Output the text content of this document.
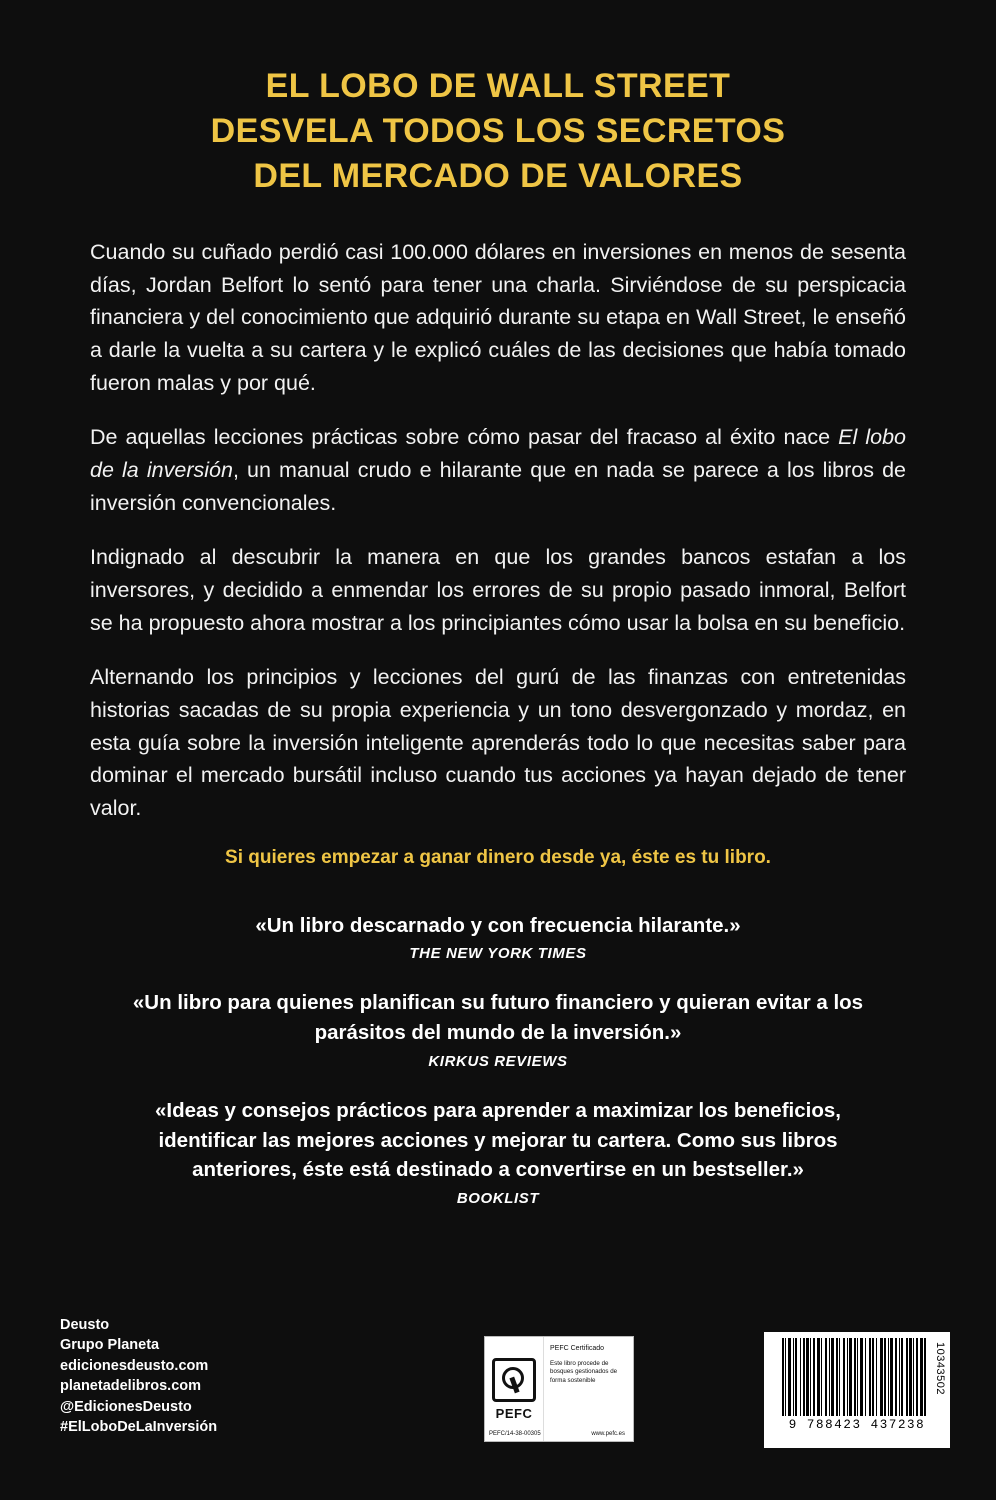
EL LOBO DE WALL STREET
DESVELA TODOS LOS SECRETOS
DEL MERCADO DE VALORES

Cuando su cuñado perdió casi 100.000 dólares en inversiones en menos de sesenta días, Jordan Belfort lo sentó para tener una charla. Sirviéndose de su perspicacia financiera y del conocimiento que adquirió durante su etapa en Wall Street, le enseñó a darle la vuelta a su cartera y le explicó cuáles de las decisiones que había tomado fueron malas y por qué.

De aquellas lecciones prácticas sobre cómo pasar del fracaso al éxito nace El lobo de la inversión, un manual crudo e hilarante que en nada se parece a los libros de inversión convencionales.

Indignado al descubrir la manera en que los grandes bancos estafan a los inversores, y decidido a enmendar los errores de su propio pasado inmoral, Belfort se ha propuesto ahora mostrar a los principiantes cómo usar la bolsa en su beneficio.

Alternando los principios y lecciones del gurú de las finanzas con entretenidas historias sacadas de su propia experiencia y un tono desvergonzado y mordaz, en esta guía sobre la inversión inteligente aprenderás todo lo que necesitas saber para dominar el mercado bursátil incluso cuando tus acciones ya hayan dejado de tener valor.

Si quieres empezar a ganar dinero desde ya, éste es tu libro.
«Un libro descarnado y con frecuencia hilarante.»
THE NEW YORK TIMES
«Un libro para quienes planifican su futuro financiero y quieran evitar a los parásitos del mundo de la inversión.»
KIRKUS REVIEWS
«Ideas y consejos prácticos para aprender a maximizar los beneficios, identificar las mejores acciones y mejorar tu cartera. Como sus libros anteriores, éste está destinado a convertirse en un bestseller.»
BOOKLIST
Deusto
Grupo Planeta
edicionesdeusto.com
planetadelibros.com
@EdicionesDeusto
#ElLoboDeLaInversión
PEFC
PEFC Certificado
Este libro procede de bosques gestionados de forma sostenible
PEFC/14-38-00305	www.pefc.es
9 788423 437238
10343502
